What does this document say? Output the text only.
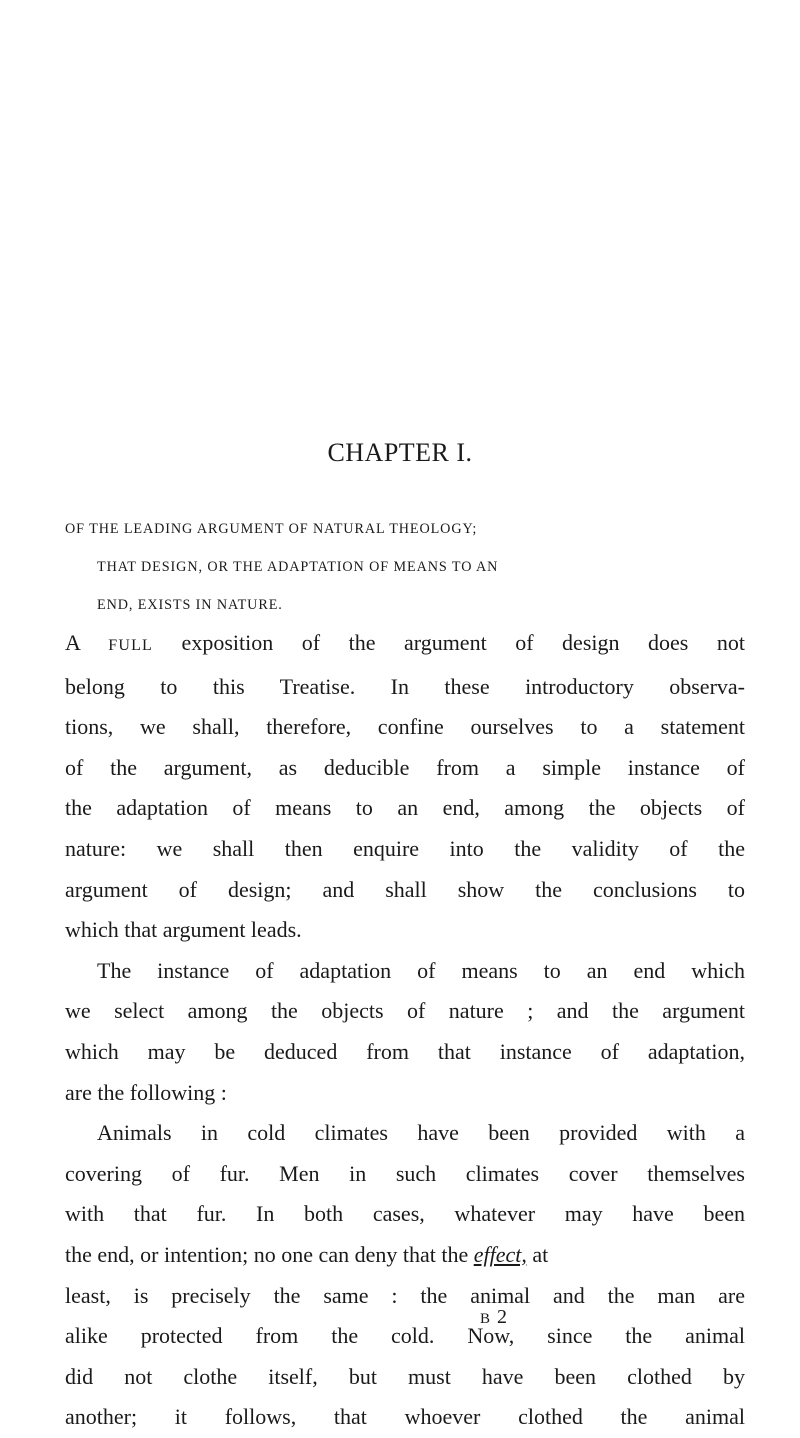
CHAPTER I.
OF THE LEADING ARGUMENT OF NATURAL THEOLOGY;
THAT DESIGN, OR THE ADAPTATION OF MEANS TO AN
END, EXISTS IN NATURE.
A FULL exposition of the argument of design does not
belong to this Treatise. In these introductory observa-
tions, we shall, therefore, confine ourselves to a statement
of the argument, as deducible from a simple instance of
the adaptation of means to an end, among the objects of
nature: we shall then enquire into the validity of the
argument of design; and shall show the conclusions to
which that argument leads.
The instance of adaptation of means to an end which
we select among the objects of nature ; and the argument
which may be deduced from that instance of adaptation,
are the following :
Animals in cold climates have been provided with a
covering of fur. Men in such climates cover themselves
with that fur. In both cases, whatever may have been
the end, or intention; no one can deny that the effect, at
least, is precisely the same : the animal and the man are
alike protected from the cold. Now, since the animal
did not clothe itself, but must have been clothed by
another; it follows, that whoever clothed the animal
B 2
